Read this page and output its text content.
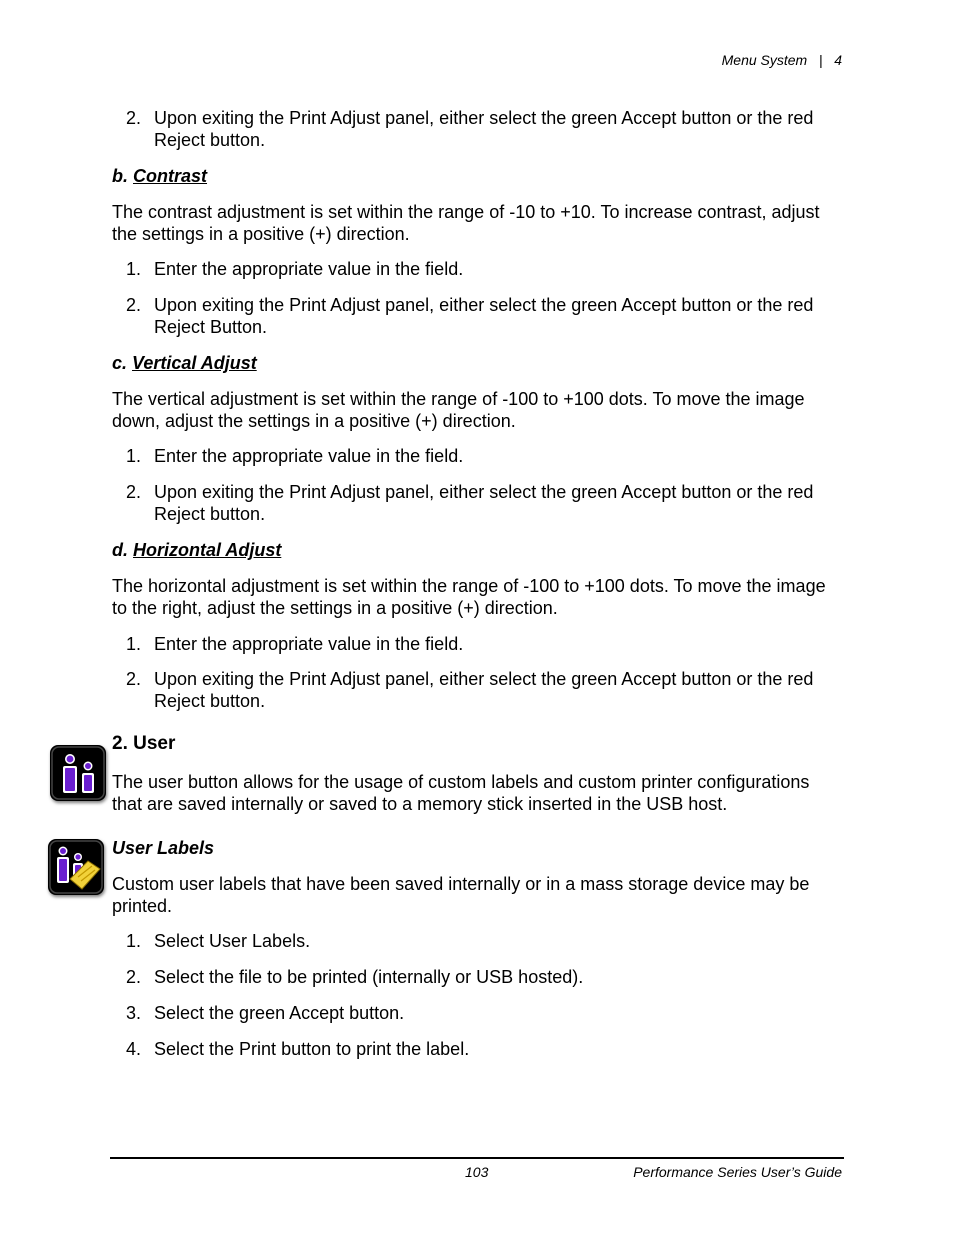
Menu System | 4
2. Upon exiting the Print Adjust panel, either select the green Accept button or the red Reject button.
b. Contrast
The contrast adjustment is set within the range of -10 to +10. To increase contrast, adjust the settings in a positive (+) direction.
1. Enter the appropriate value in the field.
2. Upon exiting the Print Adjust panel, either select the green Accept button or the red Reject Button.
c. Vertical Adjust
The vertical adjustment is set within the range of -100 to +100 dots. To move the image down, adjust the settings in a positive (+) direction.
1. Enter the appropriate value in the field.
2. Upon exiting the Print Adjust panel, either select the green Accept button or the red Reject button.
d. Horizontal Adjust
The horizontal adjustment is set within the range of -100 to +100 dots. To move the image to the right, adjust the settings in a positive (+) direction.
1. Enter the appropriate value in the field.
2. Upon exiting the Print Adjust panel, either select the green Accept button or the red Reject button.
2. User
The user button allows for the usage of custom labels and custom printer configurations that are saved internally or saved to a memory stick inserted in the USB host.
User Labels
Custom user labels that have been saved internally or in a mass storage device may be printed.
1. Select User Labels.
2. Select the file to be printed (internally or USB hosted).
3. Select the green Accept button.
4. Select the Print button to print the label.
103	Performance Series User’s Guide
